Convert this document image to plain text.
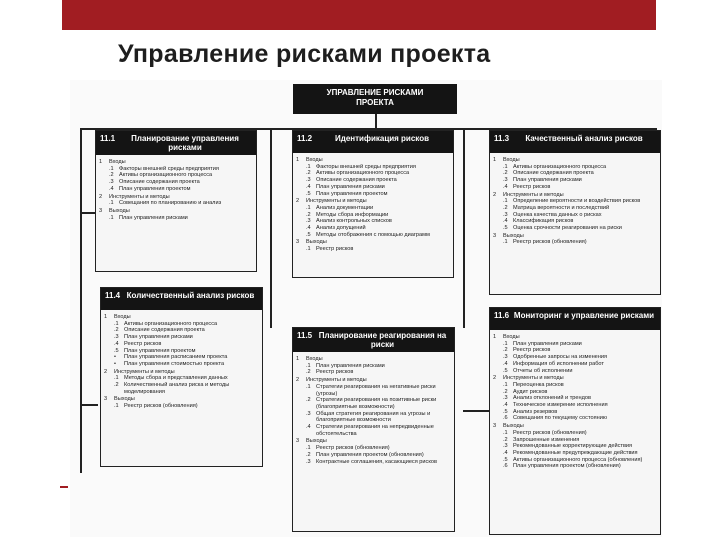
Управление рисками проекта
УПРАВЛЕНИЕ РИСКАМИ
ПРОЕКТА
11.1	Планирование управления рисками
1	Входы
.1 Факторы внешней среды предприятия
.2 Активы организационного процесса
.3 Описание содержания проекта
.4 План управления проектом
2	Инструменты и методы
.1 Совещания по планированию и анализ
3	Выходы
.1 План управления рисками
11.2	Идентификация рисков
1	Входы
.1 Факторы внешней среды предприятия
.2 Активы организационного процесса
.3 Описание содержания проекта
.4 План управления рисками
.5 План управления проектом
2	Инструменты и методы
.1 Анализ документации
.2 Методы сбора информации
.3 Анализ контрольных списков
.4 Анализ допущений
.5 Методы отображения с помощью диаграмм
3	Выходы
.1 Реестр рисков
11.3	Качественный анализ рисков
1	Входы
.1 Активы организационного процесса
.2 Описание содержания проекта
.3 План управления рисками
.4 Реестр рисков
2	Инструменты и методы
.1 Определение вероятности и воздействия рисков
.2 Матрица вероятности и последствий
.3 Оценка качества данных о рисках
.4 Классификация рисков
.5 Оценка срочности реагирования на риски
3	Выходы
.1 Реестр рисков (обновления)
11.4 Количественный анализ рисков
1	Входы
.1 Активы организационного процесса
.2 Описание содержания проекта
.3 План управления рисками
.4 Реестр рисков
.5 План управления проектом
•	План управления расписанием проекта
•	План управления стоимостью проекта
2	Инструменты и методы
.1 Методы сбора и представления данных
.2 Количественный анализ риска и методы моделирования
3	Выходы
.1 Реестр рисков (обновления)
11.5 Планирование реагирования на риски
1	Входы
.1 План управления рисками
.2 Реестр рисков
2	Инструменты и методы
.1 Стратегии реагирования на негативные риски (угрозы)
.2 Стратегии реагирования на позитивные риски (благоприятные возможности)
.3 Общая стратегия реагирования на угрозы и благоприятные возможности
.4 Стратегии реагирования на непредвиденные обстоятельства
3	Выходы
.1 Реестр рисков (обновления)
.2 План управления проектом (обновления)
.3 Контрактные соглашения, касающиеся рисков
11.6 Мониторинг и управление рисками
1	Входы
.1 План управления рисками
.2 Реестр рисков
.3 Одобренные запросы на изменения
.4 Информация об исполнении работ
.5 Отчеты об исполнении
2	Инструменты и методы
.1 Переоценка рисков
.2 Аудит рисков
.3 Анализ отклонений и трендов
.4 Техническое измерение исполнения
.5 Анализ резервов
.6 Совещания по текущему состоянию
3	Выходы
.1 Реестр рисков (обновления)
.2 Запрошенные изменения
.3 Рекомендованные корректирующие действия
.4 Рекомендованные предупреждающие действия
.5 Активы организационного процесса (обновления)
.6 План управления проектом (обновления)
